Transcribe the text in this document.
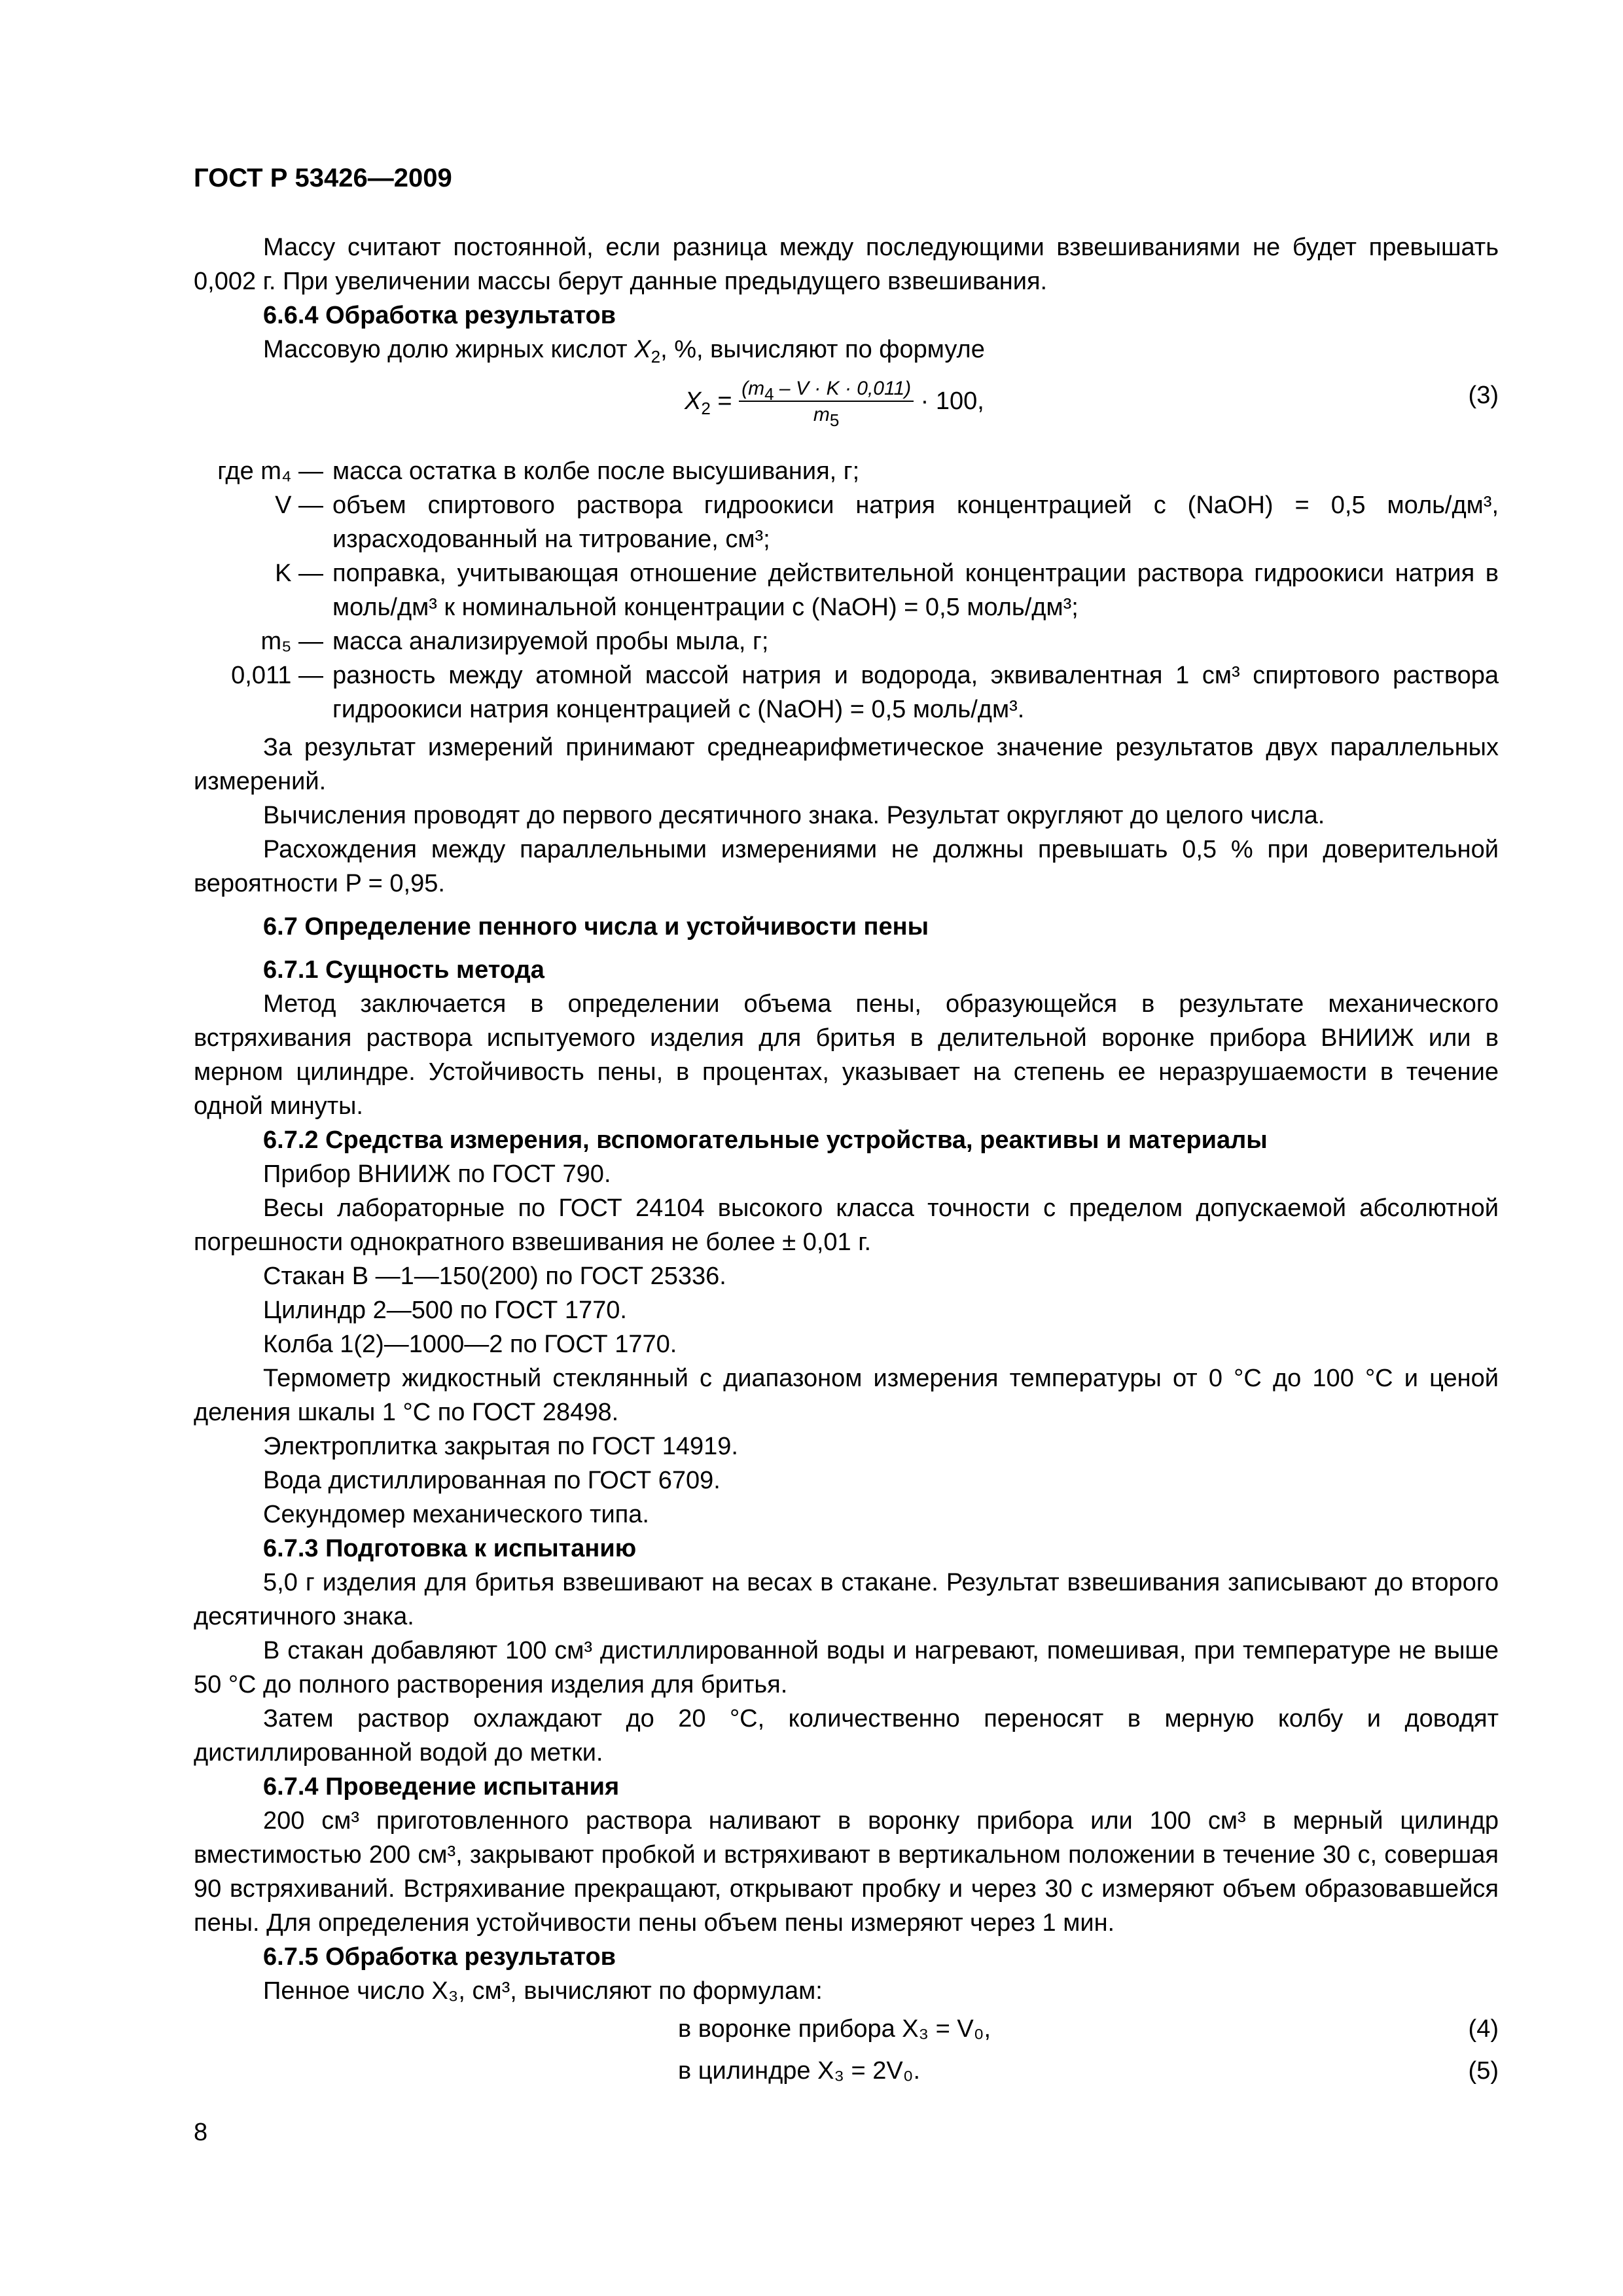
ГОСТ Р 53426—2009

Массу считают постоянной, если разница между последующими взвешиваниями не будет превышать 0,002 г. При увеличении массы берут данные предыдущего взвешивания.

6.6.4 Обработка результатов

Массовую долю жирных кислот $X_2$, %, вычисляют по формуле

$X_2 = \frac{(m_4 - V \cdot K \cdot 0,011)}{m_5} \cdot 100$,	(3)
где m₄ — масса остатка в колбе после высушивания, г;
V — объем спиртового раствора гидроокиси натрия концентрацией c (NaOH) = 0,5 моль/дм³, израсходованный на титрование, см³;
K — поправка, учитывающая отношение действительной концентрации раствора гидроокиси натрия в моль/дм³ к номинальной концентрации c (NaOH) = 0,5 моль/дм³;
m₅ — масса анализируемой пробы мыла, г;
0,011 — разность между атомной массой натрия и водорода, эквивалентная 1 см³ спиртового раствора гидроокиси натрия концентрацией c (NaOH) = 0,5 моль/дм³.

За результат измерений принимают среднеарифметическое значение результатов двух параллельных измерений.

Вычисления проводят до первого десятичного знака. Результат округляют до целого числа.

Расхождения между параллельными измерениями не должны превышать 0,5 % при доверительной вероятности P = 0,95.

6.7 Определение пенного числа и устойчивости пены

6.7.1 Сущность метода

Метод заключается в определении объема пены, образующейся в результате механического встряхивания раствора испытуемого изделия для бритья в делительной воронке прибора ВНИИЖ или в мерном цилиндре. Устойчивость пены, в процентах, указывает на степень ее неразрушаемости в течение одной минуты.

6.7.2 Средства измерения, вспомогательные устройства, реактивы и материалы

Прибор ВНИИЖ по ГОСТ 790.

Весы лабораторные по ГОСТ 24104 высокого класса точности с пределом допускаемой абсолютной погрешности однократного взвешивания не более ± 0,01 г.

Стакан В —1—150(200) по ГОСТ 25336.

Цилиндр 2—500 по ГОСТ 1770.

Колба 1(2)—1000—2 по ГОСТ 1770.

Термометр жидкостный стеклянный с диапазоном измерения температуры от 0 °С до 100 °С и ценой деления шкалы 1 °С по ГОСТ 28498.

Электроплитка закрытая по ГОСТ 14919.

Вода дистиллированная по ГОСТ 6709.

Секундомер механического типа.

6.7.3 Подготовка к испытанию

5,0 г изделия для бритья взвешивают на весах в стакане. Результат взвешивания записывают до второго десятичного знака.

В стакан добавляют 100 см³ дистиллированной воды и нагревают, помешивая, при температуре не выше 50 °С до полного растворения изделия для бритья.

Затем раствор охлаждают до 20 °С, количественно переносят в мерную колбу и доводят дистиллированной водой до метки.

6.7.4 Проведение испытания

200 см³ приготовленного раствора наливают в воронку прибора или 100 см³ в мерный цилиндр вместимостью 200 см³, закрывают пробкой и встряхивают в вертикальном положении в течение 30 с, совершая 90 встряхиваний. Встряхивание прекращают, открывают пробку и через 30 с измеряют объем образовавшейся пены. Для определения устойчивости пены объем пены измеряют через 1 мин.

6.7.5 Обработка результатов

Пенное число X₃, см³, вычисляют по формулам:

в воронке прибора X₃ = V₀,	(4)
в цилиндре X₃ = 2V₀.	(5)
8
